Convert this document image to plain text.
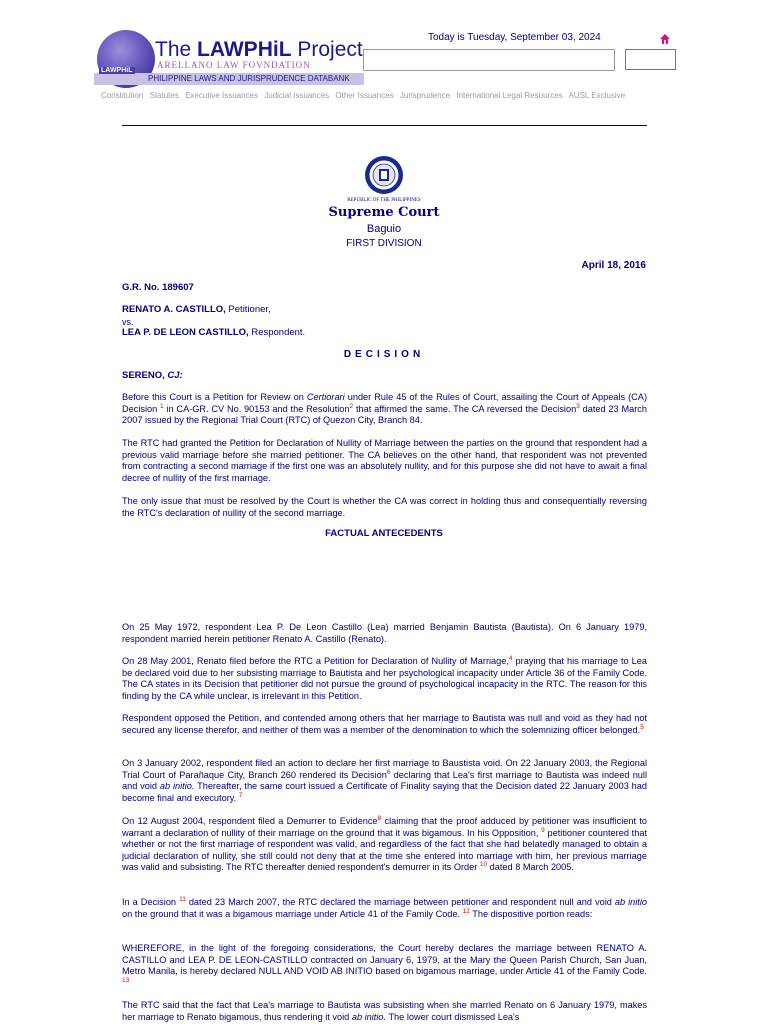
The LAWPHiL Project
ARELLANO LAW FOVNDATION
PHILIPPINE LAWS AND JURISPRUDENCE DATABANK
LAWPHiL
Today is Tuesday, September 03, 2024
Constitution Statutes Executive Issuances Judicial Issuances Other Issuances Jurisprudence International Legal Resources AUSL Exclusive
REPUBLIC OF THE PHILIPPINES
Supreme Court
Baguio
FIRST DIVISION
April 18, 2016
G.R. No. 189607
RENATO A. CASTILLO, Petitioner,
vs.
LEA P. DE LEON CASTILLO, Respondent.
DECISION
SERENO, CJ:
Before this Court is a Petition for Review on Certiorari under Rule 45 of the Rules of Court, assailing the Court of Appeals (CA) Decision $^1$ in CA-GR. CV No. 90153 and the Resolution$^2$ that affirmed the same. The CA reversed the Decision$^3$ dated 23 March 2007 issued by the Regional Trial Court (RTC) of Quezon City, Branch 84.
The RTC had granted the Petition for Declaration of Nullity of Marriage between the parties on the ground that respondent had a previous valid marriage before she married petitioner. The CA believes on the other hand, that respondent was not prevented from contracting a second marriage if the first one was an absolutely nullity, and for this purpose she did not have to await a final decree of nullity of the first marriage.
The only issue that must be resolved by the Court is whether the CA was correct in holding thus and consequentially reversing the RTC's declaration of nullity of the second marriage.
FACTUAL ANTECEDENTS
On 25 May 1972, respondent Lea P. De Leon Castillo (Lea) married Benjamin Bautista (Bautista). On 6 January 1979, respondent married herein petitioner Renato A. Castillo (Renato).
On 28 May 2001, Renato filed before the RTC a Petition for Declaration of Nullity of Marriage,$^4$ praying that his marriage to Lea be declared void due to her subsisting marriage to Bautista and her psychological incapacity under Article 36 of the Family Code. The CA states in its Decision that petitioner did not pursue the ground of psychological incapacity in the RTC. The reason for this finding by the CA while unclear, is irrelevant in this Petition.
Respondent opposed the Petition, and contended among others that her marriage to Bautista was null and void as they had not secured any license therefor, and neither of them was a member of the denomination to which the solemnizing officer belonged.$^5$
On 3 January 2002, respondent filed an action to declare her first marriage to Baustista void. On 22 January 2003, the Regional Trial Court of Parañaque City, Branch 260 rendered its Decision$^6$ declaring that Lea's first marriage to Bautista was indeed null and void ab initio. Thereafter, the same court issued a Certificate of Finality saying that the Decision dated 22 January 2003 had become final and executory. $^7$
On 12 August 2004, respondent filed a Demurrer to Evidence$^8$ claiming that the proof adduced by petitioner was insufficient to warrant a declaration of nullity of their marriage on the ground that it was bigamous. In his Opposition, $^9$ petitioner countered that whether or not the first marriage of respondent was valid, and regardless of the fact that she had belatedly managed to obtain a judicial declaration of nullity, she still could not deny that at the time she entered into marriage with him, her previous marriage was valid and subsisting. The RTC thereafter denied respondent's demurrer in its Order $^{10}$ dated 8 March 2005.
In a Decision $^{11}$ dated 23 March 2007, the RTC declared the marriage between petitioner and respondent null and void ab initio on the ground that it was a bigamous marriage under Article 41 of the Family Code. $^{12}$ The dispositive portion reads:
WHEREFORE, in the light of the foregoing considerations, the Court hereby declares the marriage between RENATO A. CASTILLO and LEA P. DE LEON-CASTILLO contracted on January 6, 1979, at the Mary the Queen Parish Church, San Juan, Metro Manila, is hereby declared NULL AND VOID AB INITIO based on bigamous marriage, under Article 41 of the Family Code. $^{13}$
The RTC said that the fact that Lea's marriage to Bautista was subsisting when she married Renato on 6 January 1979, makes her marriage to Renato bigamous, thus rendering it void ab initio. The lower court dismissed Lea's
